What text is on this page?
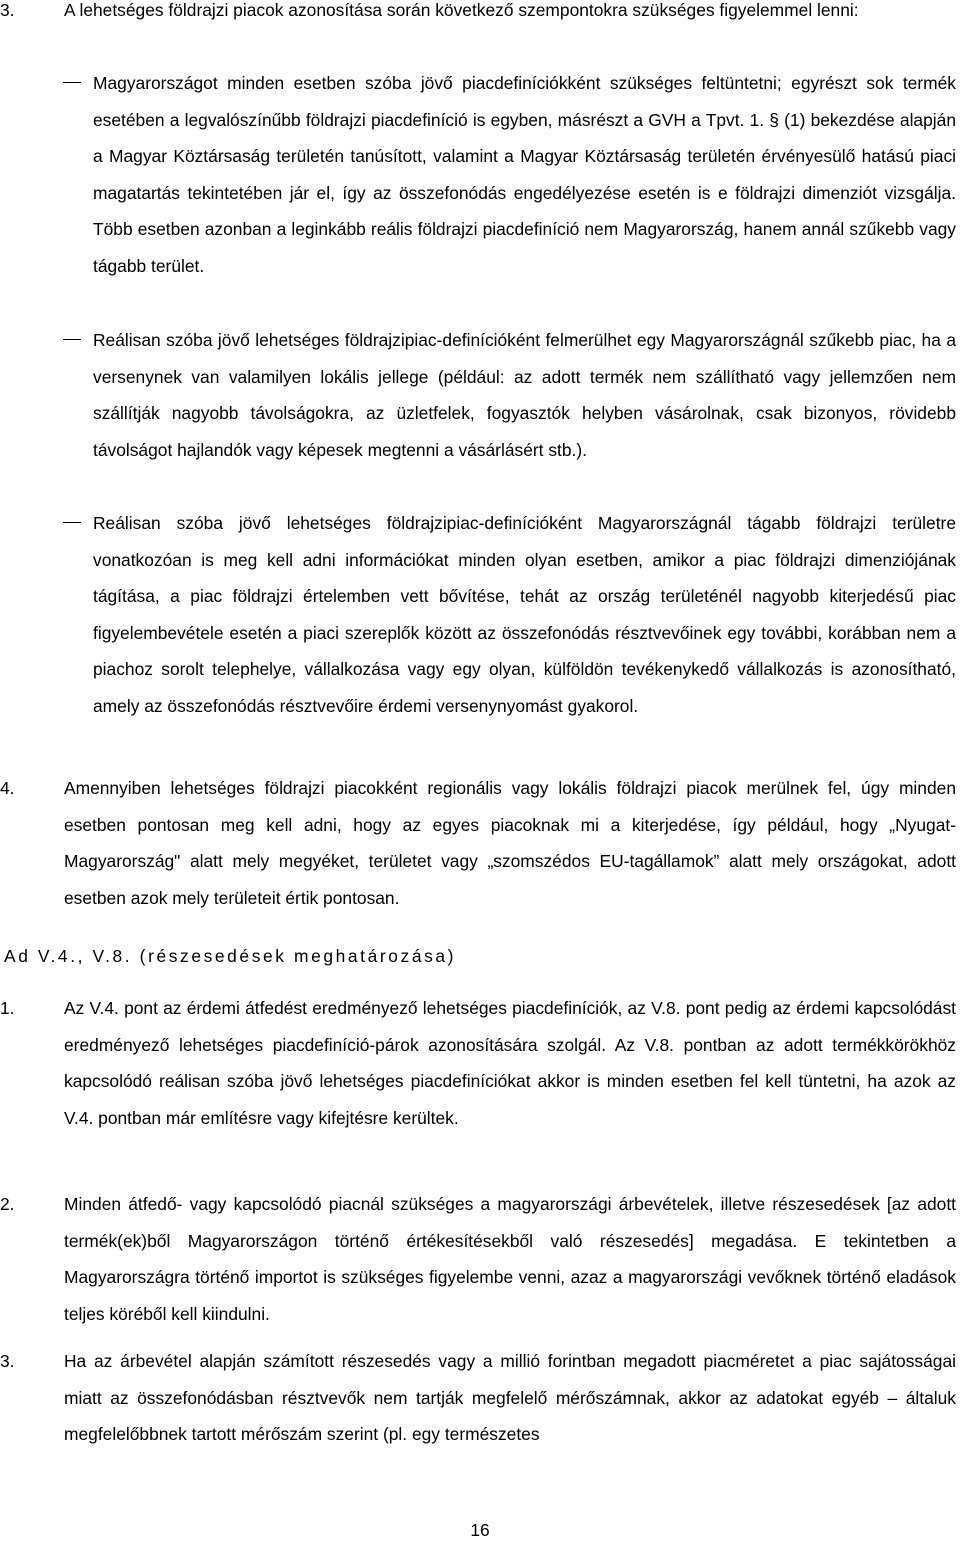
3.	A lehetséges földrajzi piacok azonosítása során következő szempontokra szükséges figyelemmel lenni:
Magyarországot minden esetben szóba jövő piacdefiníciókként szükséges feltüntetni; egyrészt sok termék esetében a legvalószínűbb földrajzi piacdefiníció is egyben, másrészt a GVH a Tpvt. 1. § (1) bekezdése alapján a Magyar Köztársaság területén tanúsított, valamint a Magyar Köztársaság területén érvényesülő hatású piaci magatartás tekintetében jár el, így az összefonódás engedélyezése esetén is e földrajzi dimenziót vizsgálja. Több esetben azonban a leginkább reális földrajzi piacdefiníció nem Magyarország, hanem annál szűkebb vagy tágabb terület.
Reálisan szóba jövő lehetséges földrajzipiac-definícióként felmerülhet egy Magyarországnál szűkebb piac, ha a versenynek van valamilyen lokális jellege (például: az adott termék nem szállítható vagy jellemzően nem szállítják nagyobb távolságokra, az üzletfelek, fogyasztók helyben vásárolnak, csak bizonyos, rövidebb távolságot hajlandók vagy képesek megtenni a vásárlásért stb.).
Reálisan szóba jövő lehetséges földrajzipiac-definícióként Magyarországnál tágabb földrajzi területre vonatkozóan is meg kell adni információkat minden olyan esetben, amikor a piac földrajzi dimenziójának tágítása, a piac földrajzi értelemben vett bővítése, tehát az ország területénél nagyobb kiterjedésű piac figyelembevétele esetén a piaci szereplők között az összefonódás résztvevőinek egy további, korábban nem a piachoz sorolt telephelye, vállalkozása vagy egy olyan, külföldön tevékenykedő vállalkozás is azonosítható, amely az összefonódás résztvevőire érdemi versenynyomást gyakorol.
4.	Amennyiben lehetséges földrajzi piacokként regionális vagy lokális földrajzi piacok merülnek fel, úgy minden esetben pontosan meg kell adni, hogy az egyes piacoknak mi a kiterjedése, így például, hogy „Nyugat-Magyarország" alatt mely megyéket, területet vagy „szomszédos EU-tagállamok” alatt mely országokat, adott esetben azok mely területeit értik pontosan.
Ad V.4., V.8. (részesedések meghatározása)
1.	Az V.4. pont az érdemi átfedést eredményező lehetséges piacdefiníciók, az V.8. pont pedig az érdemi kapcsolódást eredményező lehetséges piacdefiníció-párok azonosítására szolgál. Az V.8. pontban az adott termékkörökhöz kapcsolódó reálisan szóba jövő lehetséges piacdefiníciókat akkor is minden esetben fel kell tüntetni, ha azok az V.4. pontban már említésre vagy kifejtésre kerültek.
2.	Minden átfedő- vagy kapcsolódó piacnál szükséges a magyarországi árbevételek, illetve részesedések [az adott termék(ek)ből Magyarországon történő értékesítésekből való részesedés] megadása. E tekintetben a Magyarországra történő importot is szükséges figyelembe venni, azaz a magyarországi vevőknek történő eladások teljes köréből kell kiindulni.
3.	Ha az árbevétel alapján számított részesedés vagy a millió forintban megadott piacméretet a piac sajátosságai miatt az összefonódásban résztvevők nem tartják megfelelő mérőszámnak, akkor az adatokat egyéb – általuk megfelelőbbnek tartott mérőszám szerint (pl. egy természetes
16
